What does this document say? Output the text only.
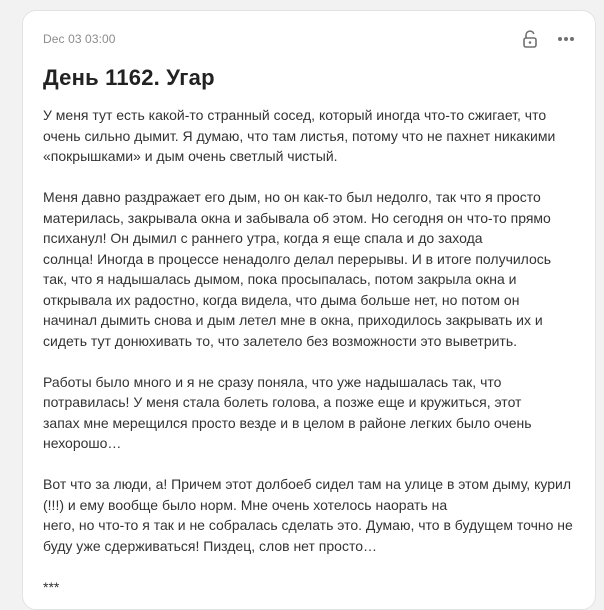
Dec 03 03:00
День 1162. Угар

У меня тут есть какой-то странный сосед, который иногда что-то сжигает, что
очень сильно дымит. Я думаю, что там листья, потому что не пахнет никакими
«покрышками» и дым очень светлый чистый.

Меня давно раздражает его дым, но он как-то был недолго, так что я просто
материлась, закрывала окна и забывала об этом. Но сегодня он что-то прямо
психанул! Он дымил с раннего утра, когда я еще спала и до захода
солнца! Иногда в процессе ненадолго делал перерывы. И в итоге получилось
так, что я надышалась дымом, пока просыпалась, потом закрыла окна и
открывала их радостно, когда видела, что дыма больше нет, но потом он
начинал дымить снова и дым летел мне в окна, приходилось закрывать их и
сидеть тут донюхивать то, что залетело без возможности это выветрить.

Работы было много и я не сразу поняла, что уже надышалась так, что
потравилась! У меня стала болеть голова, а позже еще и кружиться, этот
запах мне мерещился просто везде и в целом в районе легких было очень
нехорошо…

Вот что за люди, а! Причем этот долбоеб сидел там на улице в этом дыму, курил
(!!!) и ему вообще было норм. Мне очень хотелось наорать на
него, но что-то я так и не собралась сделать это. Думаю, что в будущем точно не
буду уже сдерживаться! Пиздец, слов нет просто…

***
